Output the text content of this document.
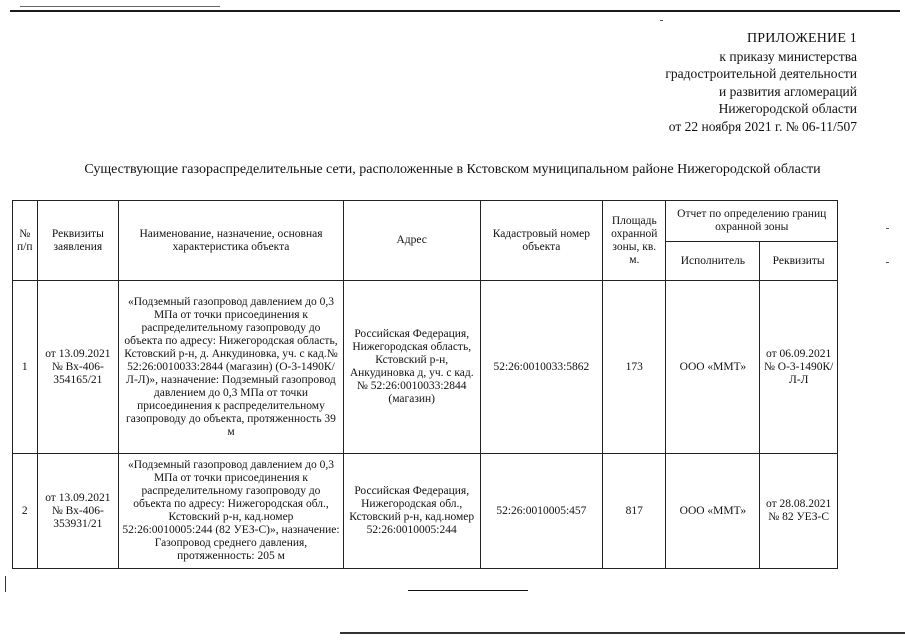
ПРИЛОЖЕНИЕ 1
к приказу министерства
градостроительной деятельности
и развития агломераций
Нижегородской области
от 22 ноября 2021 г. № 06-11/507
Существующие газораспределительные сети, расположенные в Кстовском муниципальном районе Нижегородской области
№ п/п	Реквизиты заявления	Наименование, назначение, основная характеристика объекта	Адрес	Кадастровый номер объекта	Площадь охранной зоны, кв. м.	Отчет по определению границ охранной зоны	
						Исполнитель	Реквизиты
1	от 13.09.2021 № Вх-406-354165/21	«Подземный газопровод давлением до 0,3 МПа от точки присоединения к распределительному газопроводу до объекта по адресу: Нижегородская область, Кстовский р-н, д. Анкудиновка, уч. с кад.№ 52:26:0010033:2844 (магазин) (О-3-1490К/Л-Л)», назначение: Подземный газопровод давлением до 0,3 МПа от точки присоединения к распределительному газопроводу до объекта, протяженность 39 м	Российская Федерация, Нижегородская область, Кстовский р-н, Анкудиновка д, уч. с кад.№ 52:26:0010033:2844 (магазин)	52:26:0010033:5862	173	ООО «ММТ»	от 06.09.2021 № О-3-1490К/Л-Л
2	от 13.09.2021 № Вх-406-353931/21	«Подземный газопровод давлением до 0,3 МПа от точки присоединения к распределительному газопроводу до объекта по адресу: Нижегородская обл., Кстовский р-н, кад.номер 52:26:0010005:244 (82 УЕЗ-С)», назначение: Газопровод среднего давления, протяженность: 205 м	Российская Федерация, Нижегородская обл., Кстовский р-н, кад.номер 52:26:0010005:244	52:26:0010005:457	817	ООО «ММТ»	от 28.08.2021 № 82 УЕЗ-С
